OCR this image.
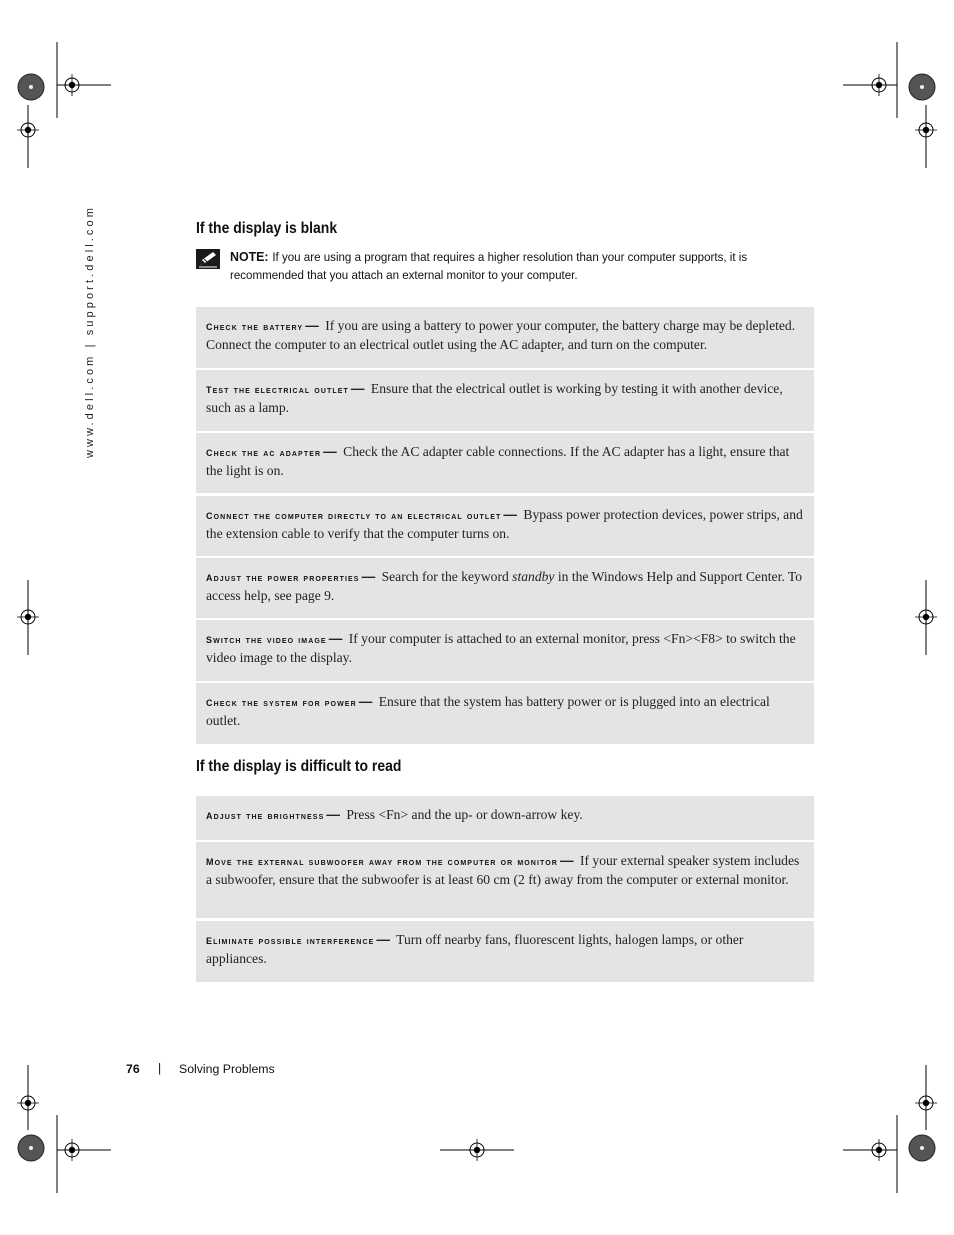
www.dell.com | support.dell.com	If the display is blank
NOTE: If you are using a program that requires a higher resolution than your computer supports, it is recommended that you attach an external monitor to your computer.
check the battery — If you are using a battery to power your computer, the battery charge may be depleted. Connect the computer to an electrical outlet using the AC adapter, and turn on the computer.
test the electrical outlet — Ensure that the electrical outlet is working by testing it with another device, such as a lamp.
check the ac adapter — Check the AC adapter cable connections. If the AC adapter has a light, ensure that the light is on.
connect the computer directly to an electrical outlet — Bypass power protection devices, power strips, and the extension cable to verify that the computer turns on.
adjust the power properties — Search for the keyword standby in the Windows Help and Support Center. To access help, see page 9.
switch the video image — If your computer is attached to an external monitor, press <Fn><F8> to switch the video image to the display.
check the system for power — Ensure that the system has battery power or is plugged into an electrical outlet.
If the display is difficult to read
adjust the brightness — Press <Fn> and the up- or down-arrow key.
move the external subwoofer away from the computer or monitor — If your external speaker system includes a subwoofer, ensure that the subwoofer is at least 60 cm (2 ft) away from the computer or external monitor.
eliminate possible interference — Turn off nearby fans, fluorescent lights, halogen lamps, or other appliances.
76 | Solving Problems
